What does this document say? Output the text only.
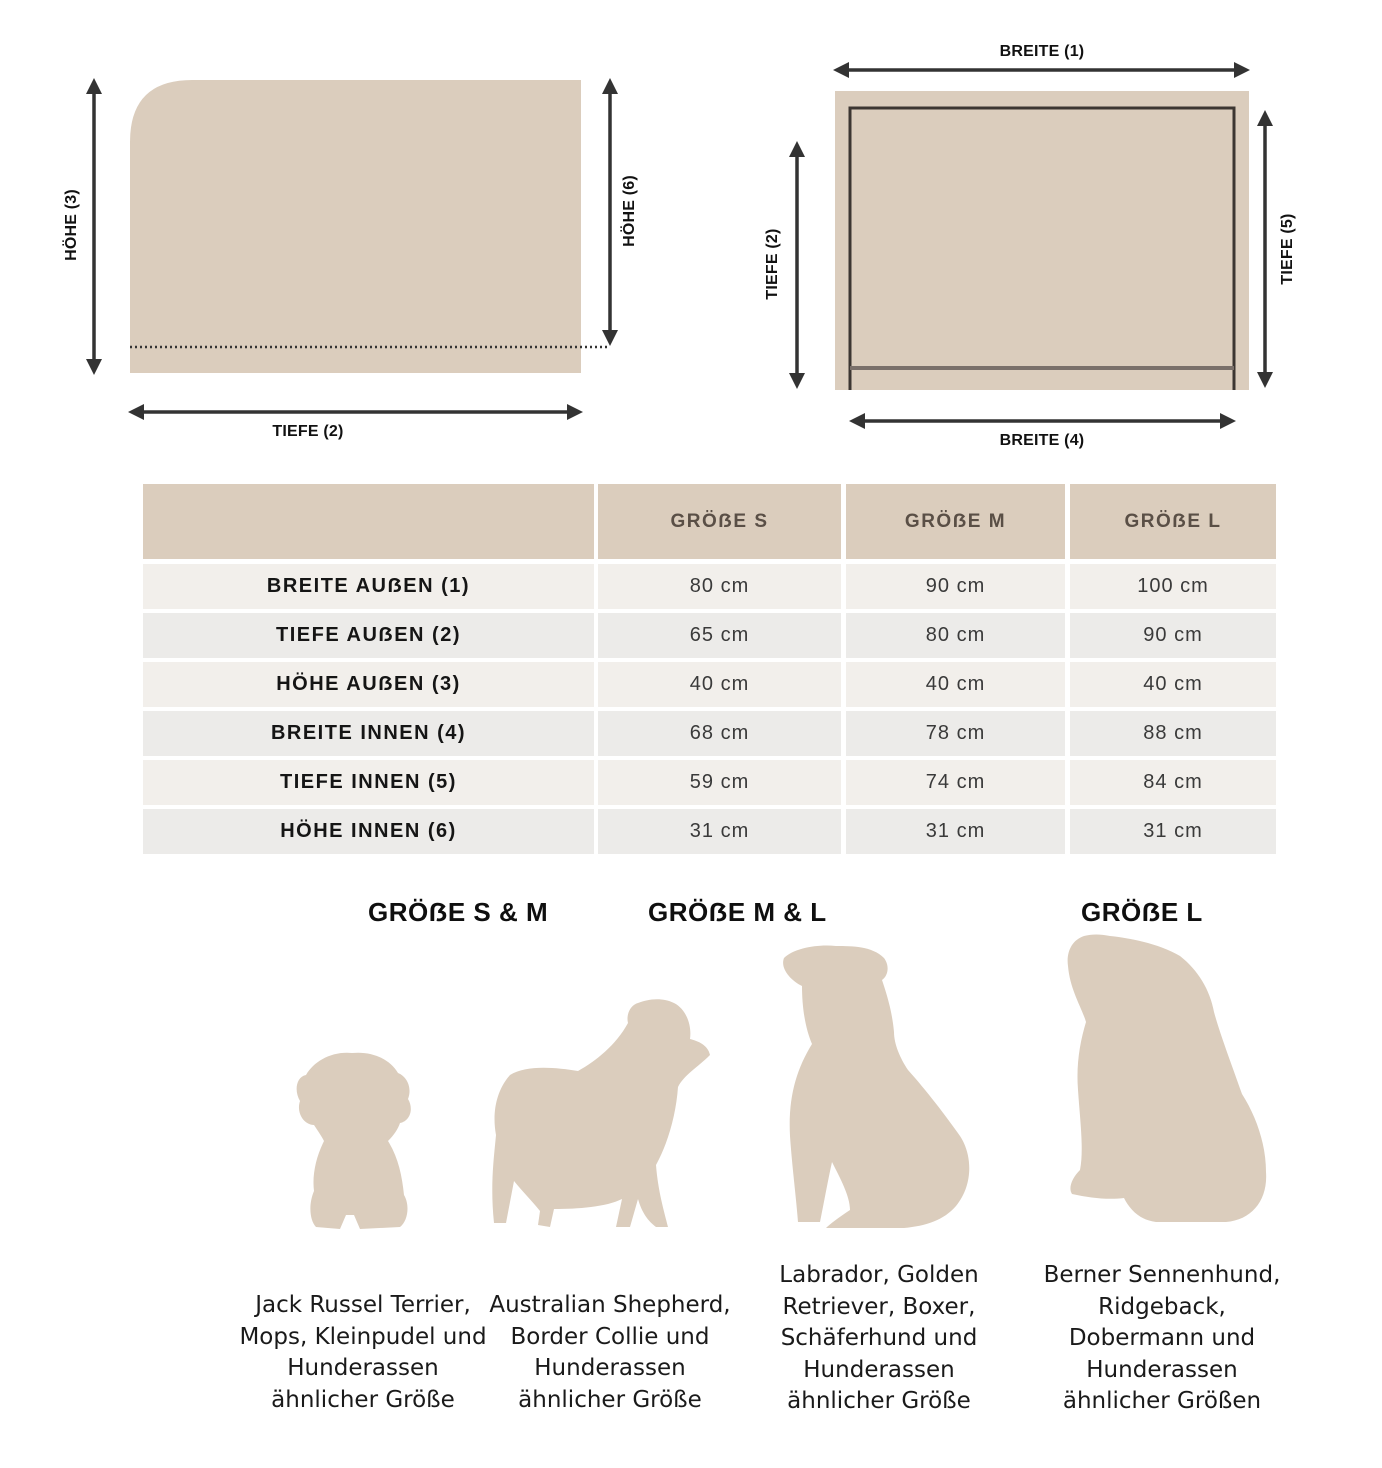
HÖHE (3)	HÖHE (6)
TIEFE (2)
BREITE (1)
BREITE (4)
TIEFE (2)	TIEFE (5)
GRÖẞE S	GRÖẞE M	GRÖẞE L
BREITE AUẞEN (1)	80 cm	90 cm	100 cm
TIEFE AUẞEN (2)	65 cm	80 cm	90 cm
HÖHE AUẞEN (3)	40 cm	40 cm	40 cm
BREITE INNEN (4)	68 cm	78 cm	88 cm
TIEFE INNEN (5)	59 cm	74 cm	84 cm
HÖHE INNEN (6)	31 cm	31 cm	31 cm
GRÖẞE S & M	GRÖẞE M & L	GRÖẞE L
Jack Russel Terrier,
Mops, Kleinpudel und
Hunderassen
ähnlicher Größe
Australian Shepherd,
Border Collie und
Hunderassen
ähnlicher Größe
Labrador, Golden
Retriever, Boxer,
Schäferhund und
Hunderassen
ähnlicher Größe
Berner Sennenhund,
Ridgeback,
Dobermann und
Hunderassen
ähnlicher Größen
